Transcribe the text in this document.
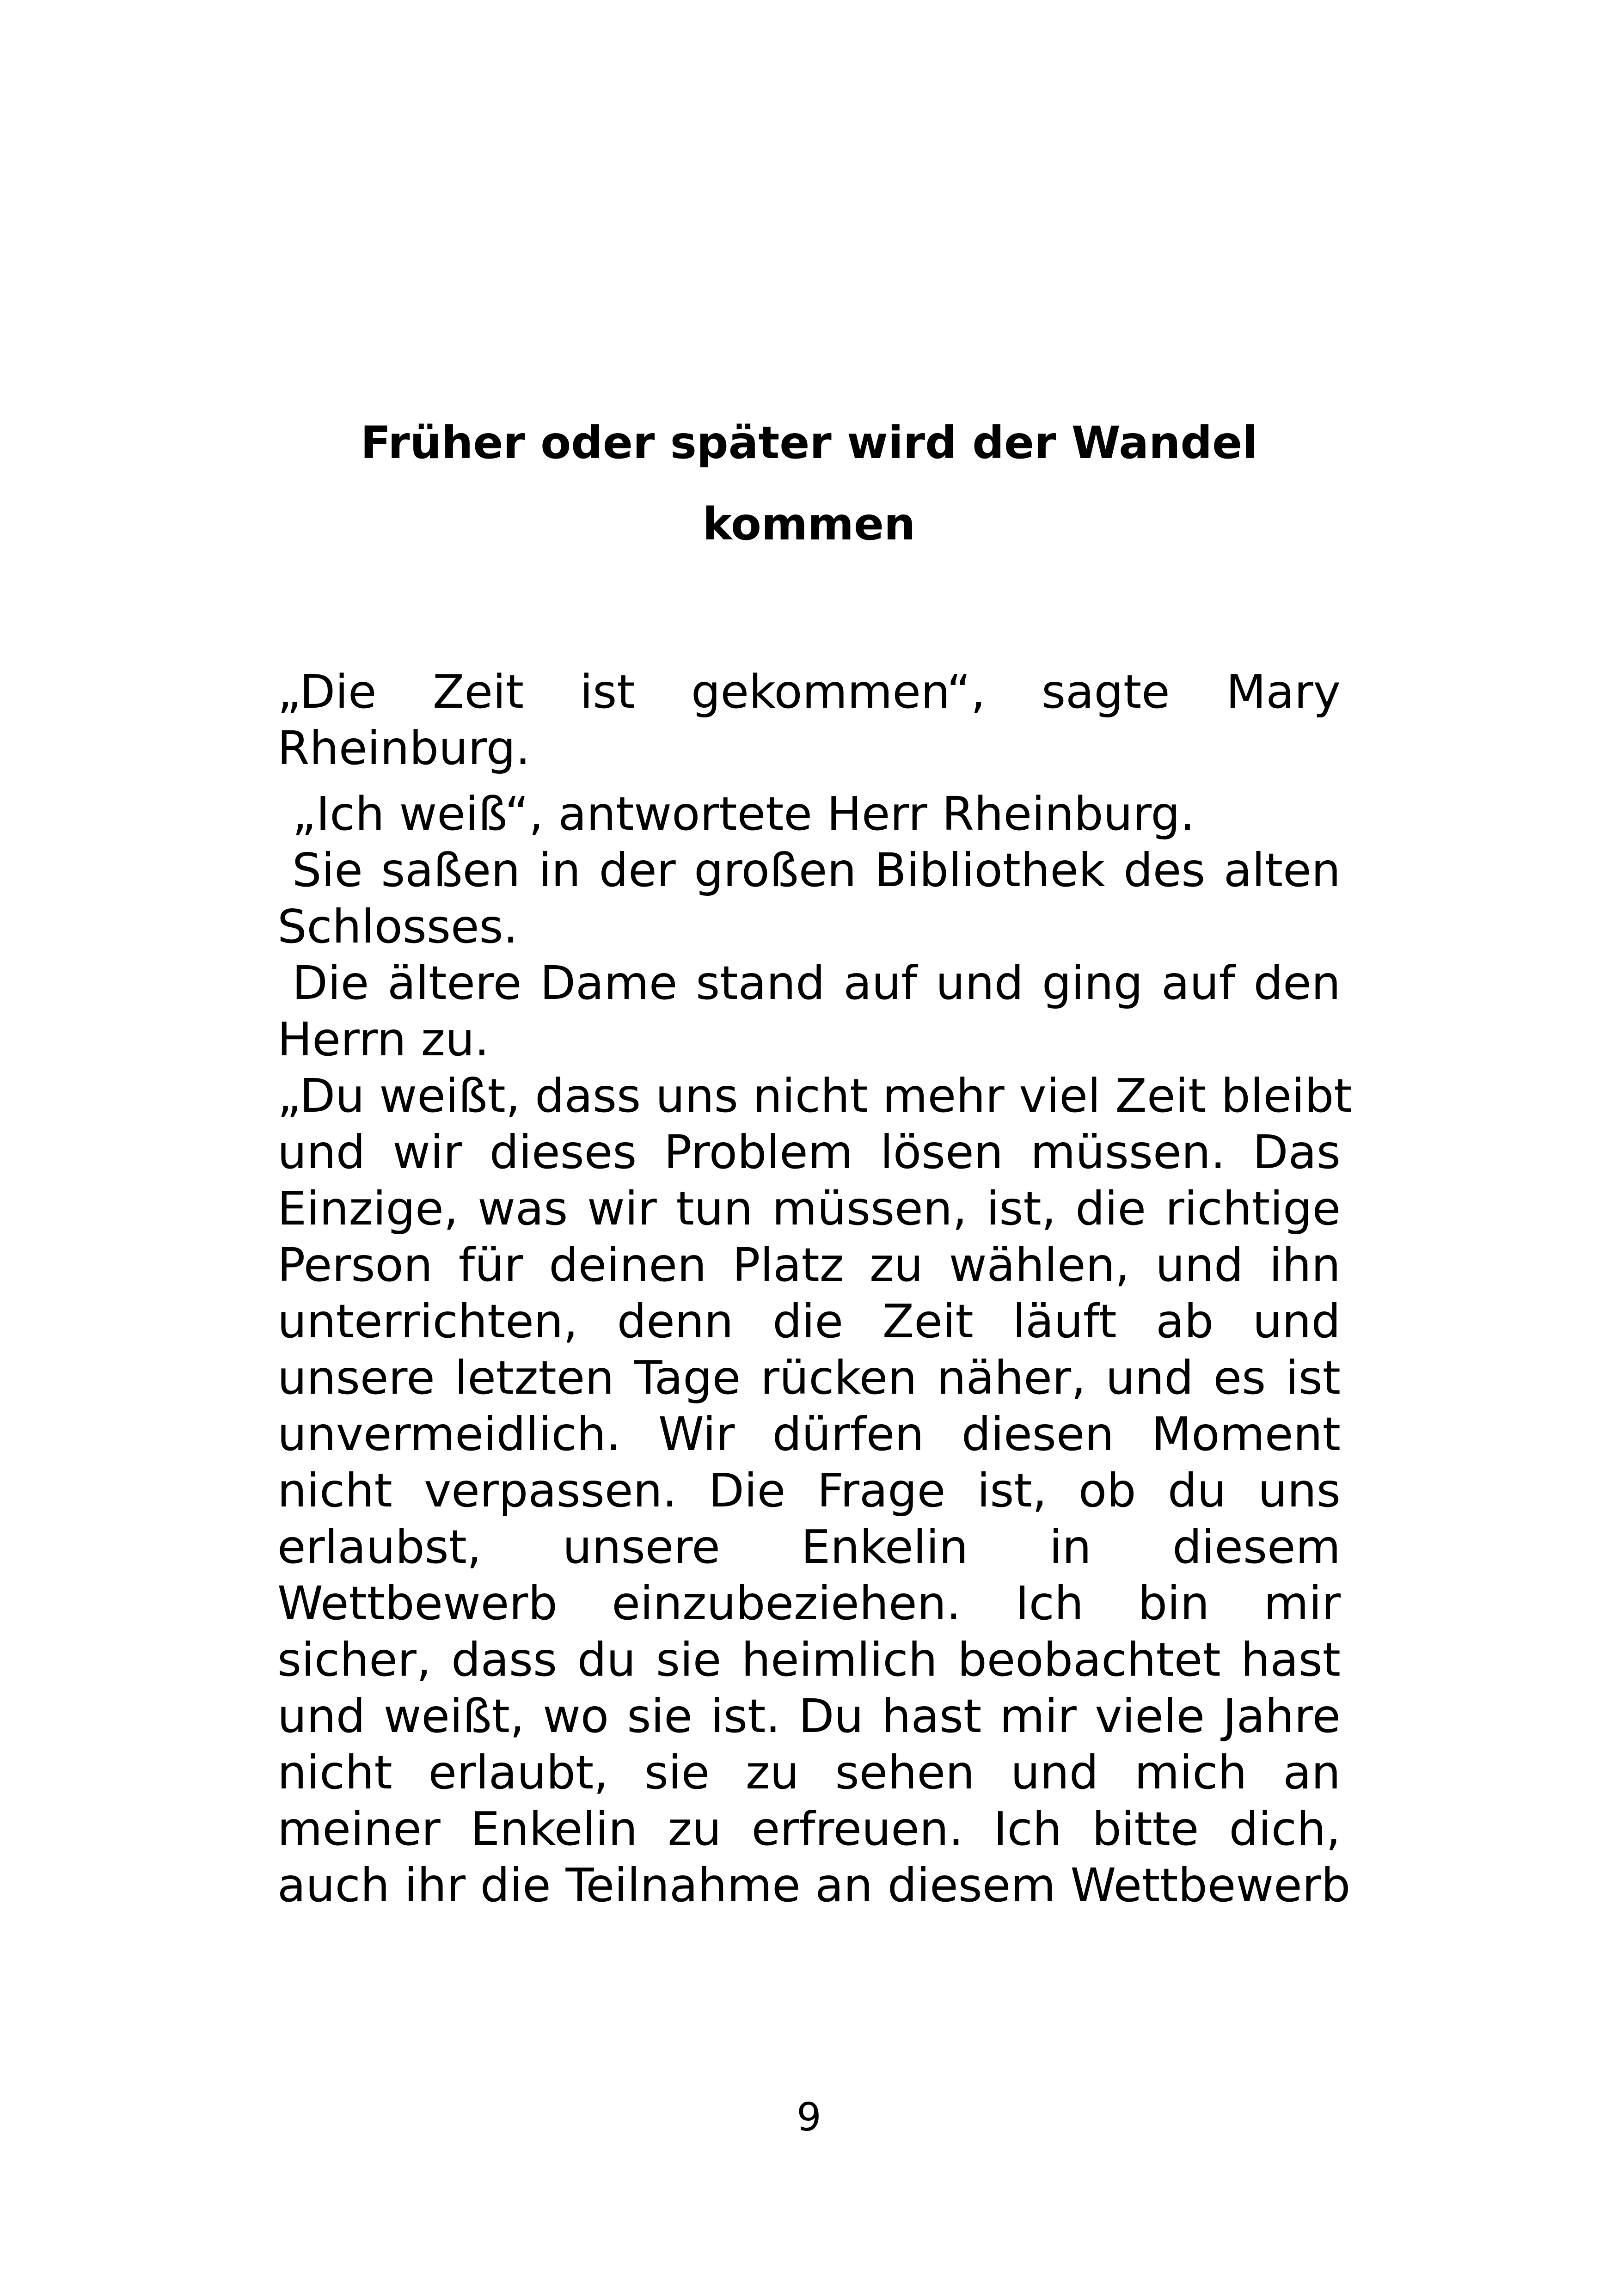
Früher oder später wird der Wandel
kommen
„Die Zeit ist gekommen“, sagte Mary
Rheinburg.
„Ich weiß“, antwortete Herr Rheinburg.
Sie saßen in der großen Bibliothek des alten
Schlosses.
Die ältere Dame stand auf und ging auf den
Herrn zu.
„Du weißt, dass uns nicht mehr viel Zeit bleibt
und wir dieses Problem lösen müssen. Das
Einzige, was wir tun müssen, ist, die richtige
Person für deinen Platz zu wählen, und ihn
unterrichten, denn die Zeit läuft ab und
unsere letzten Tage rücken näher, und es ist
unvermeidlich. Wir dürfen diesen Moment
nicht verpassen. Die Frage ist, ob du uns
erlaubst, unsere Enkelin in diesem
Wettbewerb einzubeziehen. Ich bin mir
sicher, dass du sie heimlich beobachtet hast
und weißt, wo sie ist. Du hast mir viele Jahre
nicht erlaubt, sie zu sehen und mich an
meiner Enkelin zu erfreuen. Ich bitte dich,
auch ihr die Teilnahme an diesem Wettbewerb
9
